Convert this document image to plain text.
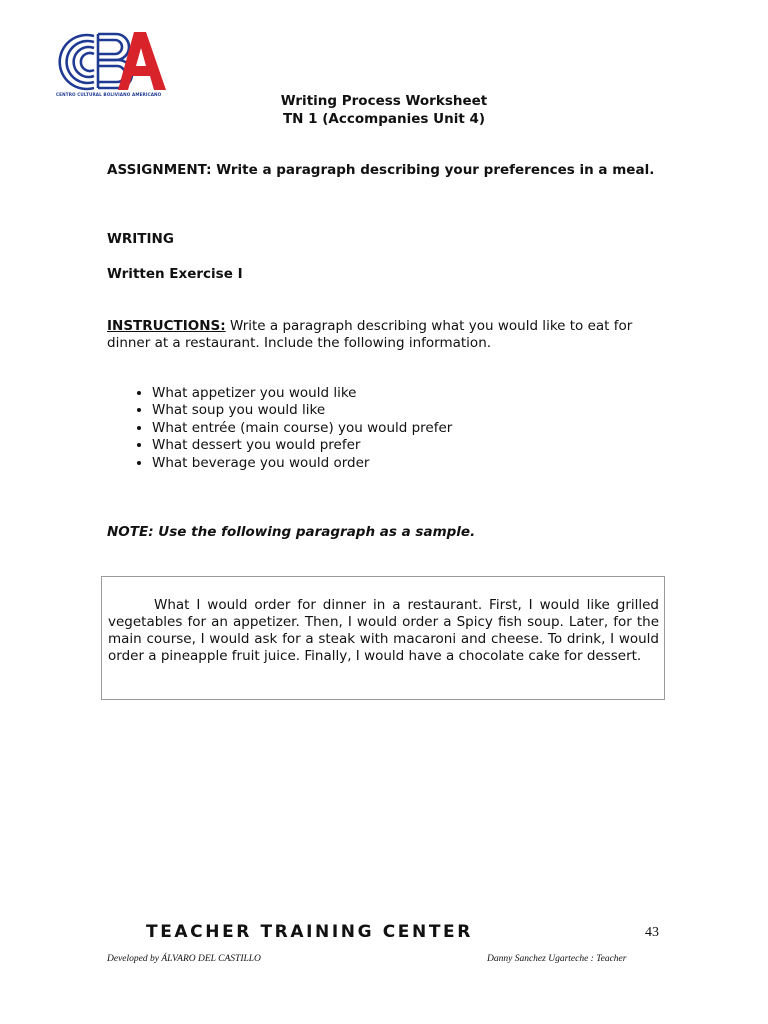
CENTRO CULTURAL BOLIVIANO AMERICANO	Writing Process Worksheet
TN 1 (Accompanies Unit 4)
ASSIGNMENT: Write a paragraph describing your preferences in a meal.
WRITING
Written Exercise I
INSTRUCTIONS: Write a paragraph describing what you would like to eat for dinner at a restaurant. Include the following information.
• What appetizer you would like
• What soup you would like
• What entrée (main course) you would prefer
• What dessert you would prefer
• What beverage you would order
NOTE: Use the following paragraph as a sample.

What I would order for dinner in a restaurant. First, I would like grilled vegetables for an appetizer. Then, I would order a Spicy fish soup. Later, for the main course, I would ask for a steak with macaroni and cheese. To drink, I would order a pineapple fruit juice. Finally, I would have a chocolate cake for dessert.

TEACHER TRAINING CENTER	43
Developed by ÁLVARO DEL CASTILLO	Danny Sanchez Ugarteche : Teacher
